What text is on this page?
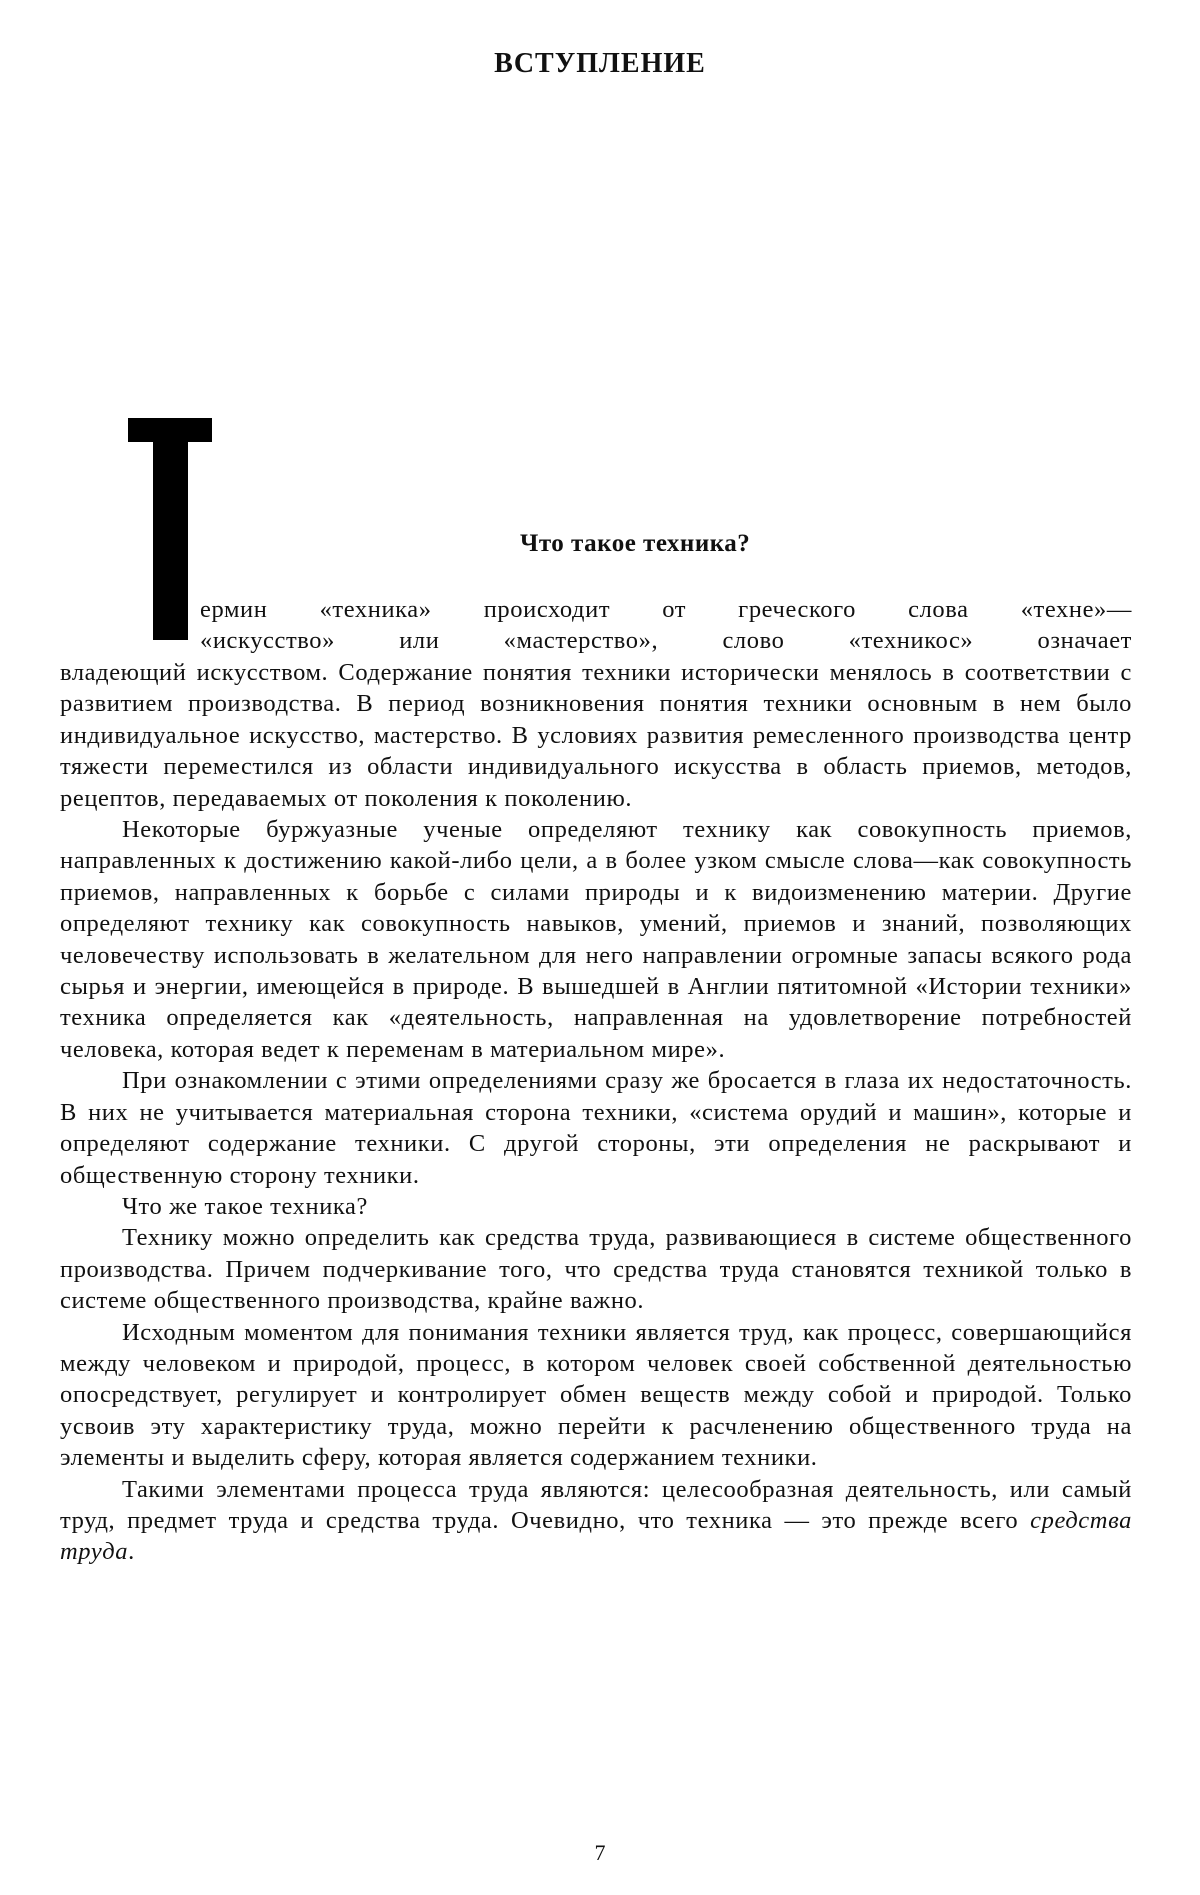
ВСТУПЛЕНИЕ
Что такое техника?

ермин «техника» происходит от греческого слова «техне»—

«искусство» или «мастерство», слово «техникос» означает

владеющий искусством. Содержание понятия техники исторически менялось в соответствии с развитием производства. В период возникновения понятия техники основным в нем было индивидуальное искусство, мастерство. В условиях развития ремесленного производства центр тяжести переместился из области индивидуального искусства в область приемов, методов, рецептов, передаваемых от поколения к поколению.

Некоторые буржуазные ученые определяют технику как совокупность приемов, направленных к достижению какой-либо цели, а в более узком смысле слова—как совокупность приемов, направленных к борьбе с силами природы и к видоизменению материи. Другие определяют технику как совокупность навыков, умений, приемов и знаний, позволяющих человечеству использовать в желательном для него направлении огромные запасы всякого рода сырья и энергии, имеющейся в природе. В вышедшей в Англии пятитомной «Истории техники» техника определяется как «деятельность, направленная на удовлетворение потребностей человека, которая ведет к переменам в материальном мире».

При ознакомлении с этими определениями сразу же бросается в глаза их недостаточность. В них не учитывается материальная сторона техники, «система орудий и машин», которые и определяют содержание техники. С другой стороны, эти определения не раскрывают и общественную сторону техники.

Что же такое техника?

Технику можно определить как средства труда, развивающиеся в системе общественного производства. Причем подчеркивание того, что средства труда становятся техникой только в системе общественного производства, крайне важно.

Исходным моментом для понимания техники является труд, как процесс, совершающийся между человеком и природой, процесс, в котором человек своей собственной деятельностью опосредствует, регулирует и контролирует обмен веществ между собой и природой. Только усвоив эту характеристику труда, можно перейти к расчленению общественного труда на элементы и выделить сферу, которая является содержанием техники.

Такими элементами процесса труда являются: целесообразная деятельность, или самый труд, предмет труда и средства труда. Очевидно, что техника — это прежде всего средства труда.

7
